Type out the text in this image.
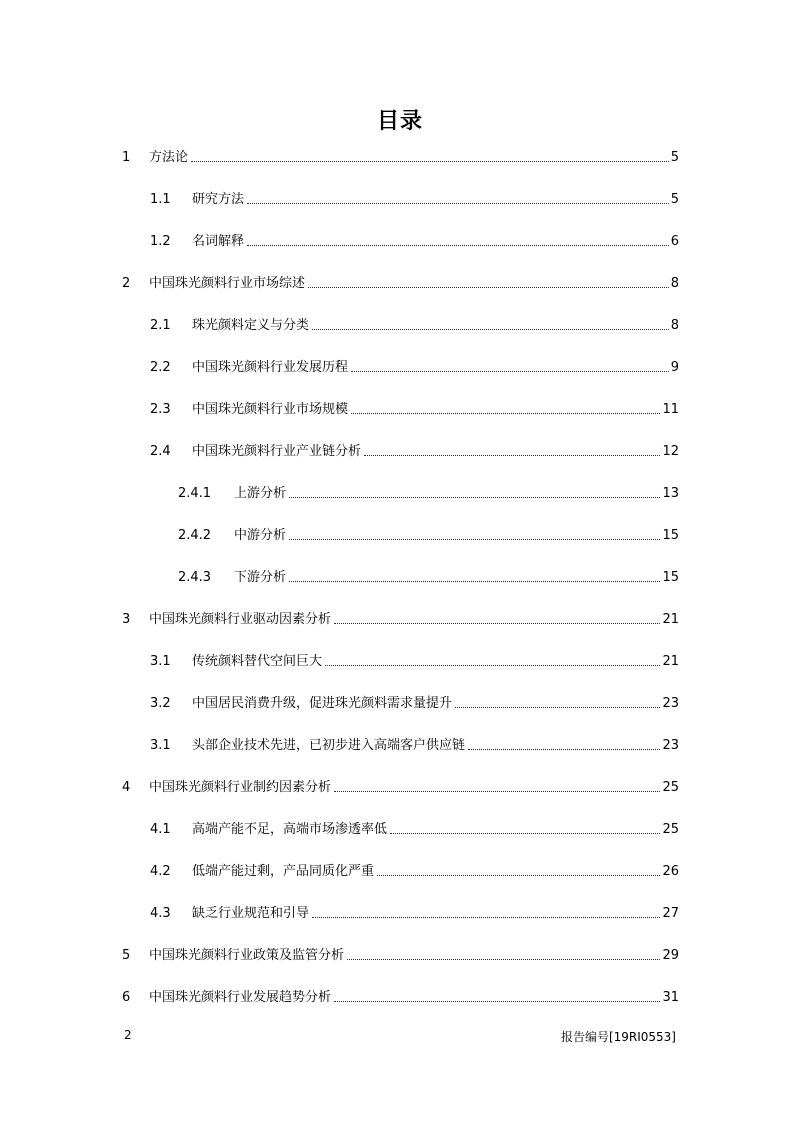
目录
1	方法论	5
1.1	研究方法	5
1.2	名词解释	6
2	中国珠光颜料行业市场综述	8
2.1	珠光颜料定义与分类	8
2.2	中国珠光颜料行业发展历程	9
2.3	中国珠光颜料行业市场规模	11
2.4	中国珠光颜料行业产业链分析	12
2.4.1	上游分析	13
2.4.2	中游分析	15
2.4.3	下游分析	15
3	中国珠光颜料行业驱动因素分析	21
3.1	传统颜料替代空间巨大	21
3.2	中国居民消费升级，促进珠光颜料需求量提升	23
3.1	头部企业技术先进，已初步进入高端客户供应链	23
4	中国珠光颜料行业制约因素分析	25
4.1	高端产能不足，高端市场渗透率低	25
4.2	低端产能过剩，产品同质化严重	26
4.3	缺乏行业规范和引导	27
5	中国珠光颜料行业政策及监管分析	29
6	中国珠光颜料行业发展趋势分析	31
2	报告编号[19RI0553]
